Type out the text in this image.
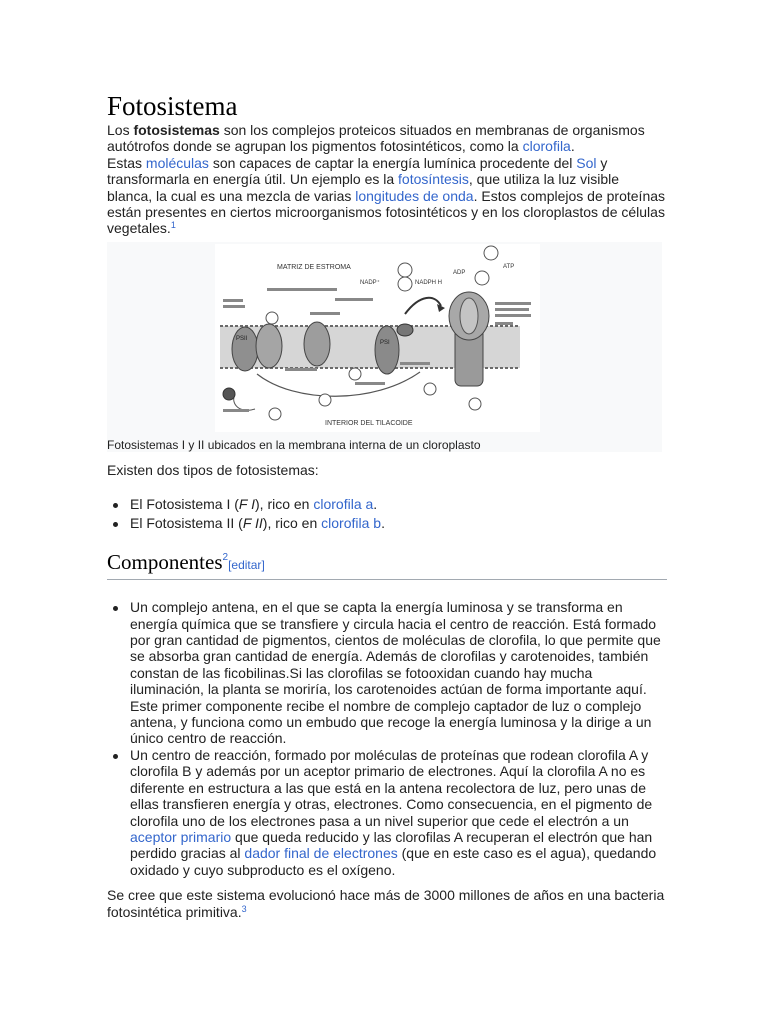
Fotosistema

Los fotosistemas son los complejos proteicos situados en membranas de organismos autótrofos donde se agrupan los pigmentos fotosintéticos, como la clorofila.

Estas moléculas son capaces de captar la energía lumínica procedente del Sol y transformarla en energía útil. Un ejemplo es la fotosíntesis, que utiliza la luz visible blanca, la cual es una mezcla de varias longitudes de onda. Estos complejos de proteínas están presentes en ciertos microorganismos fotosintéticos y en los cloroplastos de células vegetales.$^1$

MATRIZ DE ESTROMA
NADP⁺	NADPH H
ADP
ATP
PSII
PSI
INTERIOR DEL TILACOIDE
Fotosistemas I y II ubicados en la membrana interna de un cloroplasto

Existen dos tipos de fotosistemas:

El Fotosistema I (F I), rico en clorofila a.
El Fotosistema II (F II), rico en clorofila b.
Componentes$^2$[editar]
Un complejo antena, en el que se capta la energía luminosa y se transforma en energía química que se transfiere y circula hacia el centro de reacción. Está formado por gran cantidad de pigmentos, cientos de moléculas de clorofila, lo que permite que se absorba gran cantidad de energía. Además de clorofilas y carotenoides, también constan de las ficobilinas.Si las clorofilas se fotooxidan cuando hay mucha iluminación, la planta se moriría, los carotenoides actúan de forma importante aquí. Este primer componente recibe el nombre de complejo captador de luz o complejo antena, y funciona como un embudo que recoge la energía luminosa y la dirige a un único centro de reacción.
Un centro de reacción, formado por moléculas de proteínas que rodean clorofila A y clorofila B y además por un aceptor primario de electrones. Aquí la clorofila A no es diferente en estructura a las que está en la antena recolectora de luz, pero unas de ellas transfieren energía y otras, electrones. Como consecuencia, en el pigmento de clorofila uno de los electrones pasa a un nivel superior que cede el electrón a un aceptor primario que queda reducido y las clorofilas A recuperan el electrón que han perdido gracias al dador final de electrones (que en este caso es el agua), quedando oxidado y cuyo subproducto es el oxígeno.

Se cree que este sistema evolucionó hace más de 3000 millones de años en una bacteria fotosintética primitiva.$^3$
